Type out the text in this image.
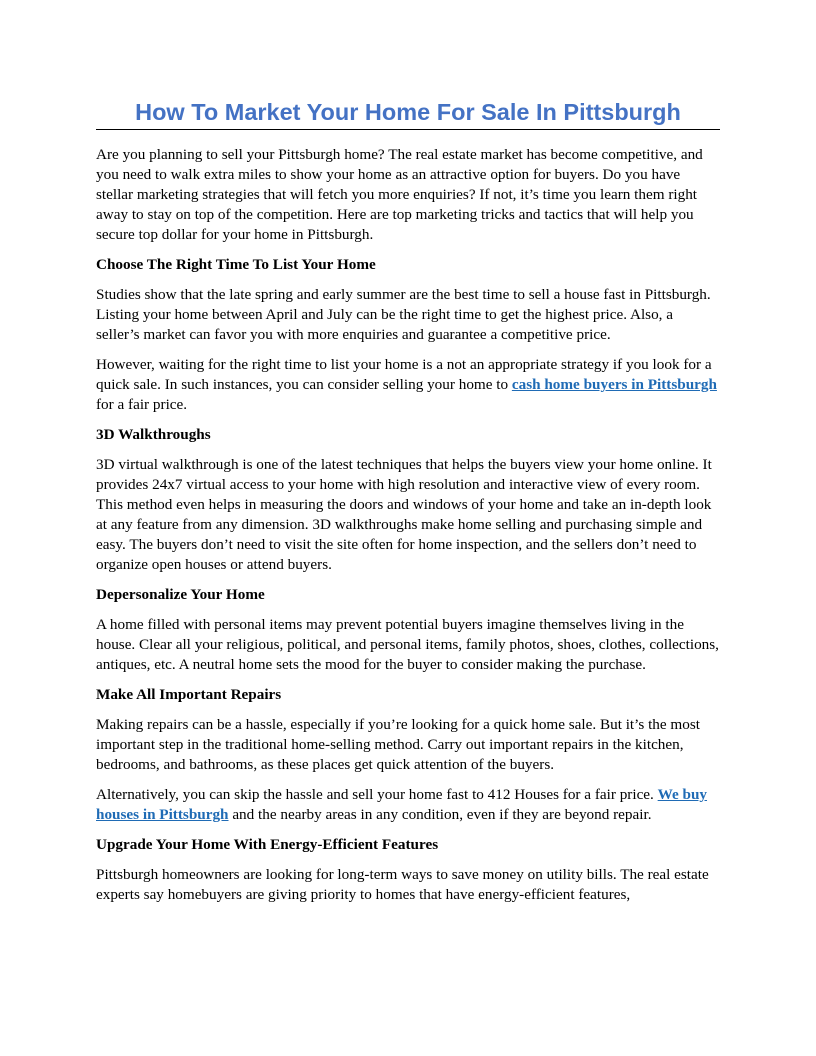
How To Market Your Home For Sale In Pittsburgh

Are you planning to sell your Pittsburgh home? The real estate market has become competitive, and you need to walk extra miles to show your home as an attractive option for buyers. Do you have stellar marketing strategies that will fetch you more enquiries? If not, it’s time you learn them right away to stay on top of the competition. Here are top marketing tricks and tactics that will help you secure top dollar for your home in Pittsburgh.

Choose The Right Time To List Your Home

Studies show that the late spring and early summer are the best time to sell a house fast in Pittsburgh. Listing your home between April and July can be the right time to get the highest price. Also, a seller’s market can favor you with more enquiries and guarantee a competitive price.

However, waiting for the right time to list your home is a not an appropriate strategy if you look for a quick sale. In such instances, you can consider selling your home to cash home buyers in Pittsburgh for a fair price.

3D Walkthroughs

3D virtual walkthrough is one of the latest techniques that helps the buyers view your home online. It provides 24x7 virtual access to your home with high resolution and interactive view of every room. This method even helps in measuring the doors and windows of your home and take an in-depth look at any feature from any dimension. 3D walkthroughs make home selling and purchasing simple and easy. The buyers don’t need to visit the site often for home inspection, and the sellers don’t need to organize open houses or attend buyers.

Depersonalize Your Home

A home filled with personal items may prevent potential buyers imagine themselves living in the house. Clear all your religious, political, and personal items, family photos, shoes, clothes, collections, antiques, etc. A neutral home sets the mood for the buyer to consider making the purchase.

Make All Important Repairs

Making repairs can be a hassle, especially if you’re looking for a quick home sale. But it’s the most important step in the traditional home-selling method. Carry out important repairs in the kitchen, bedrooms, and bathrooms, as these places get quick attention of the buyers.

Alternatively, you can skip the hassle and sell your home fast to 412 Houses for a fair price. We buy houses in Pittsburgh and the nearby areas in any condition, even if they are beyond repair.

Upgrade Your Home With Energy-Efficient Features

Pittsburgh homeowners are looking for long-term ways to save money on utility bills. The real estate experts say homebuyers are giving priority to homes that have energy-efficient features,
